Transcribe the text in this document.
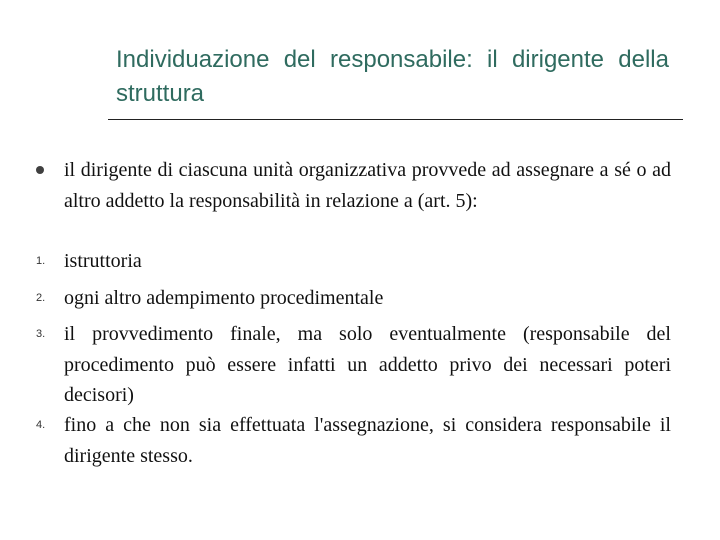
Individuazione del responsabile: il dirigente della struttura
il dirigente di ciascuna unità organizzativa provvede ad assegnare a sé o ad altro addetto la responsabilità in relazione a (art. 5):
1. istruttoria
2. ogni altro adempimento procedimentale
3. il provvedimento finale, ma solo eventualmente (responsabile del procedimento può essere infatti un addetto privo dei necessari poteri decisori)
4. fino a che non sia effettuata l'assegnazione, si considera responsabile il dirigente stesso.
